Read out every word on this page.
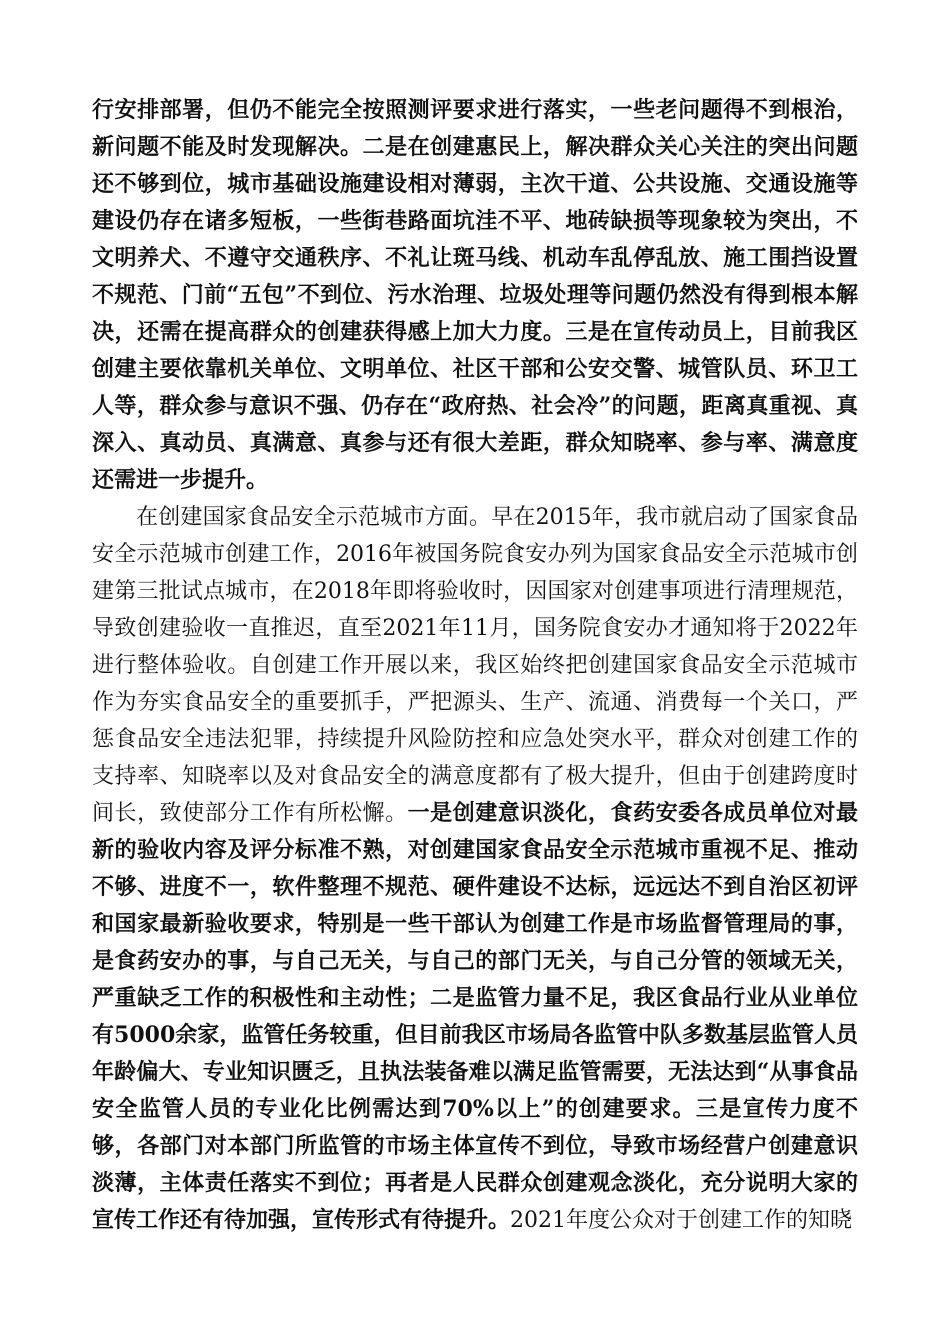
行安排部署，但仍不能完全按照测评要求进行落实，一些老问题得不到根治，新问题不能及时发现解决。二是在创建惠民上，解决群众关心关注的突出问题还不够到位，城市基础设施建设相对薄弱，主次干道、公共设施、交通设施等建设仍存在诸多短板，一些街巷路面坑洼不平、地砖缺损等现象较为突出，不文明养犬、不遵守交通秩序、不礼让斑马线、机动车乱停乱放、施工围挡设置不规范、门前“五包”不到位、污水治理、垃圾处理等问题仍然没有得到根本解决，还需在提高群众的创建获得感上加大力度。三是在宣传动员上，目前我区创建主要依靠机关单位、文明单位、社区干部和公安交警、城管队员、环卫工人等，群众参与意识不强、仍存在“政府热、社会冷”的问题，距离真重视、真深入、真动员、真满意、真参与还有很大差距，群众知晓率、参与率、满意度还需进一步提升。

在创建国家食品安全示范城市方面。早在2015年，我市就启动了国家食品安全示范城市创建工作，2016年被国务院食安办列为国家食品安全示范城市创建第三批试点城市，在2018年即将验收时，因国家对创建事项进行清理规范，导致创建验收一直推迟，直至2021年11月，国务院食安办才通知将于2022年进行整体验收。自创建工作开展以来，我区始终把创建国家食品安全示范城市作为夯实食品安全的重要抓手，严把源头、生产、流通、消费每一个关口，严惩食品安全违法犯罪，持续提升风险防控和应急处突水平，群众对创建工作的支持率、知晓率以及对食品安全的满意度都有了极大提升，但由于创建跨度时间长，致使部分工作有所松懈。一是创建意识淡化，食药安委各成员单位对最新的验收内容及评分标准不熟，对创建国家食品安全示范城市重视不足、推动不够、进度不一，软件整理不规范、硬件建设不达标，远远达不到自治区初评和国家最新验收要求，特别是一些干部认为创建工作是市场监督管理局的事，是食药安办的事，与自己无关，与自己的部门无关，与自己分管的领域无关，严重缺乏工作的积极性和主动性；二是监管力量不足，我区食品行业从业单位有5000余家，监管任务较重，但目前我区市场局各监管中队多数基层监管人员年龄偏大、专业知识匮乏，且执法装备难以满足监管需要，无法达到“从事食品安全监管人员的专业化比例需达到70%以上”的创建要求。三是宣传力度不够，各部门对本部门所监管的市场主体宣传不到位，导致市场经营户创建意识淡薄，主体责任落实不到位；再者是人民群众创建观念淡化，充分说明大家的宣传工作还有待加强，宣传形式有待提升。2021年度公众对于创建工作的知晓
